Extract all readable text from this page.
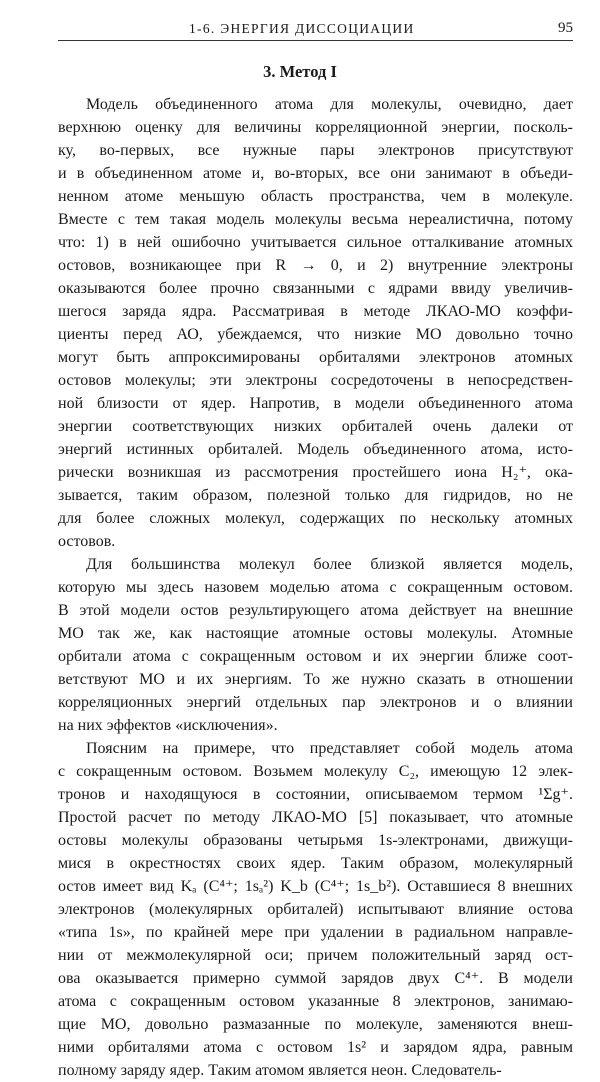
1-6. ЭНЕРГИЯ ДИССОЦИАЦИИ	95
3. Метод I
Модель объединенного атома для молекулы, очевидно, дает
верхнюю оценку для величины корреляционной энергии, посколь-
ку, во-первых, все нужные пары электронов присутствуют
и в объединенном атоме и, во-вторых, все они занимают в объеди-
ненном атоме меньшую область пространства, чем в молекуле.
Вместе с тем такая модель молекулы весьма нереалистична, потому
что: 1) в ней ошибочно учитывается сильное отталкивание атомных
остовов, возникающее при R → 0, и 2) внутренние электроны
оказываются более прочно связанными с ядрами ввиду увеличив-
шегося заряда ядра. Рассматривая в методе ЛКАО-МО коэффи-
циенты перед АО, убеждаемся, что низкие МО довольно точно
могут быть аппроксимированы орбиталями электронов атомных
остовов молекулы; эти электроны сосредоточены в непосредствен-
ной близости от ядер. Напротив, в модели объединенного атома
энергии соответствующих низких орбиталей очень далеки от
энергий истинных орбиталей. Модель объединенного атома, исто-
рически возникшая из рассмотрения простейшего иона H₂⁺, ока-
зывается, таким образом, полезной только для гидридов, но не
для более сложных молекул, содержащих по нескольку атомных
остовов.
Для большинства молекул более близкой является модель,
которую мы здесь назовем моделью атома с сокращенным остовом.
В этой модели остов результирующего атома действует на внешние
МО так же, как настоящие атомные остовы молекулы. Атомные
орбитали атома с сокращенным остовом и их энергии ближе соот-
ветствуют МО и их энергиям. То же нужно сказать в отношении
корреляционных энергий отдельных пар электронов и о влиянии
на них эффектов «исключения».
Поясним на примере, что представляет собой модель атома
с сокращенным остовом. Возьмем молекулу C₂, имеющую 12 элек-
тронов и находящуюся в состоянии, описываемом термом ¹Σg⁺.
Простой расчет по методу ЛКАО-МО [5] показывает, что атомные
остовы молекулы образованы четырьмя 1s-электронами, движущи-
мися в окрестностях своих ядер. Таким образом, молекулярный
остов имеет вид Kₐ (C⁴⁺; 1sₐ²) K_b (C⁴⁺; 1s_b²). Оставшиеся 8 внешних
электронов (молекулярных орбиталей) испытывают влияние остова
«типа 1s», по крайней мере при удалении в радиальном направле-
нии от межмолекулярной оси; причем положительный заряд ост-
ова оказывается примерно суммой зарядов двух C⁴⁺. В модели
атома с сокращенным остовом указанные 8 электронов, занимаю-
щие МО, довольно размазанные по молекуле, заменяются внеш-
ними орбиталями атома с остовом 1s² и зарядом ядра, равным
полному заряду ядер. Таким атомом является неон. Следователь-
